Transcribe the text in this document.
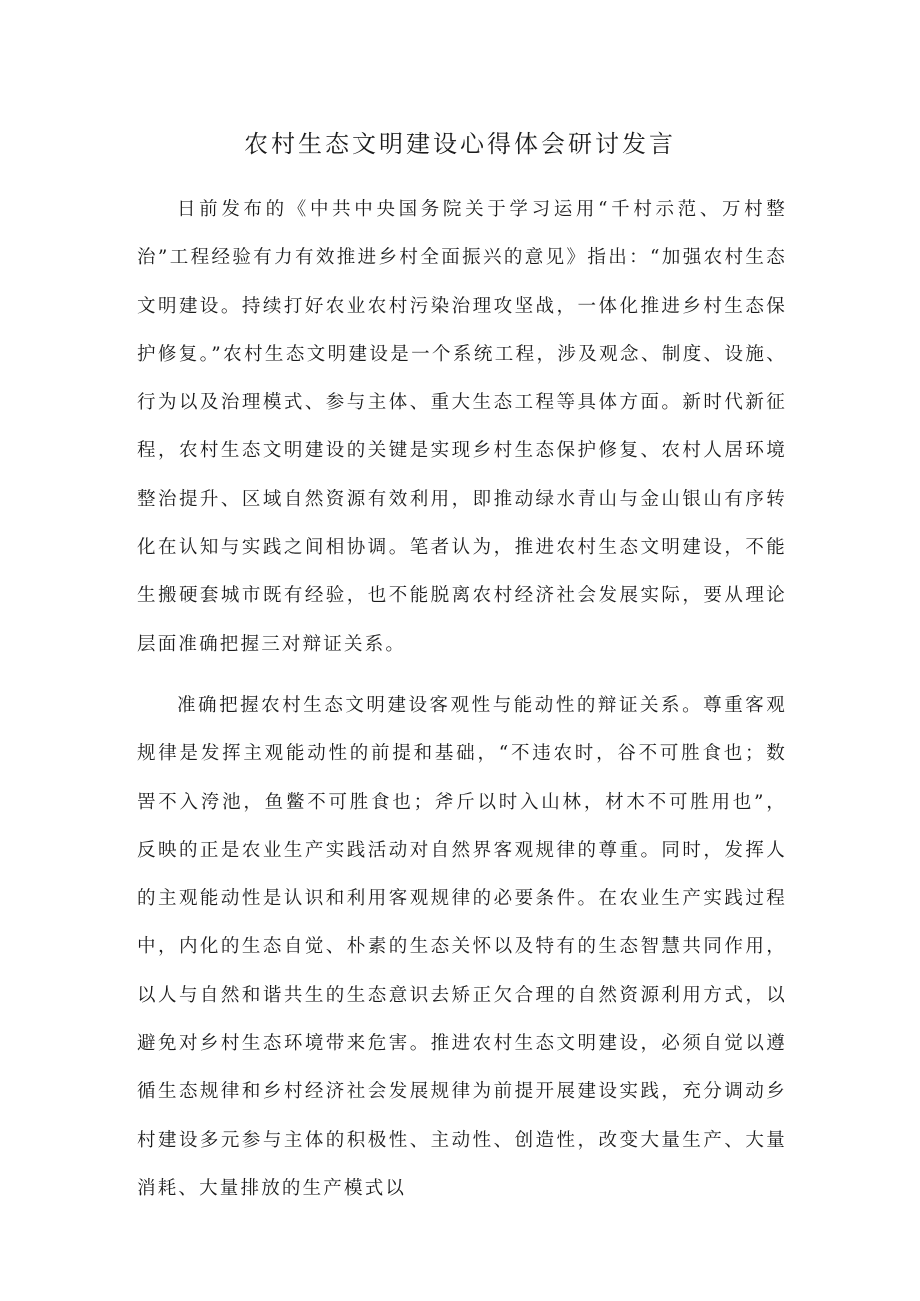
农村生态文明建设心得体会研讨发言

日前发布的《中共中央国务院关于学习运用“千村示范、万村整治”工程经验有力有效推进乡村全面振兴的意见》指出：“加强农村生态文明建设。持续打好农业农村污染治理攻坚战，一体化推进乡村生态保护修复。”农村生态文明建设是一个系统工程，涉及观念、制度、设施、行为以及治理模式、参与主体、重大生态工程等具体方面。新时代新征程，农村生态文明建设的关键是实现乡村生态保护修复、农村人居环境整治提升、区域自然资源有效利用，即推动绿水青山与金山银山有序转化在认知与实践之间相协调。笔者认为，推进农村生态文明建设，不能生搬硬套城市既有经验，也不能脱离农村经济社会发展实际，要从理论层面准确把握三对辩证关系。

准确把握农村生态文明建设客观性与能动性的辩证关系。尊重客观规律是发挥主观能动性的前提和基础，“不违农时，谷不可胜食也；数罟不入洿池，鱼鳖不可胜食也；斧斤以时入山林，材木不可胜用也”，反映的正是农业生产实践活动对自然界客观规律的尊重。同时，发挥人的主观能动性是认识和利用客观规律的必要条件。在农业生产实践过程中，内化的生态自觉、朴素的生态关怀以及特有的生态智慧共同作用，以人与自然和谐共生的生态意识去矫正欠合理的自然资源利用方式，以避免对乡村生态环境带来危害。推进农村生态文明建设，必须自觉以遵循生态规律和乡村经济社会发展规律为前提开展建设实践，充分调动乡村建设多元参与主体的积极性、主动性、创造性，改变大量生产、大量消耗、大量排放的生产模式以
